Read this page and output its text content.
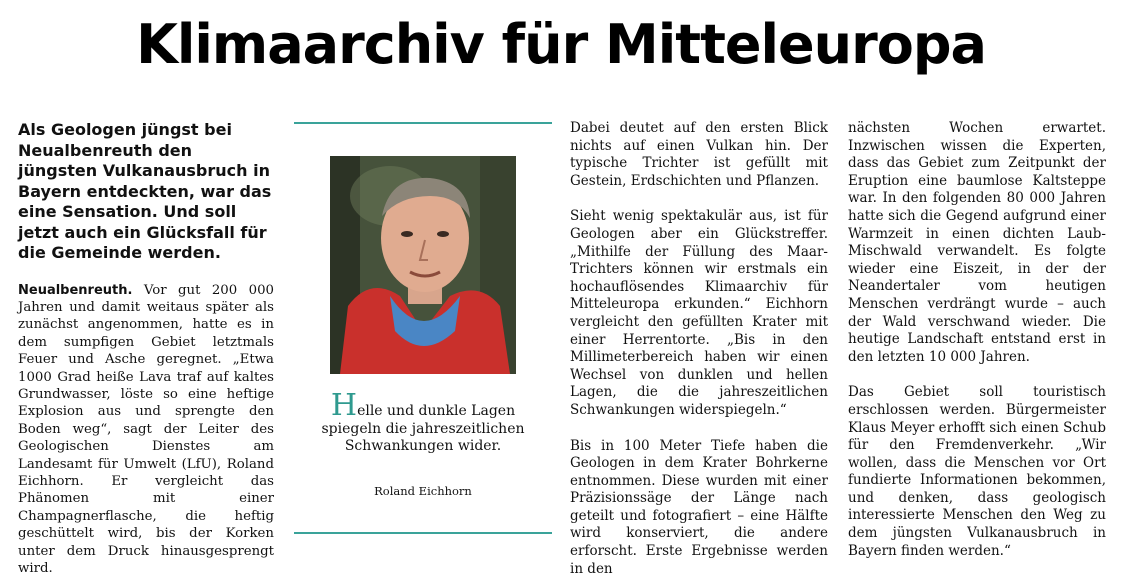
Klimaarchiv für Mitteleuropa

Als Geologen jüngst bei Neualbenreuth den jüngsten Vulkanausbruch in Bayern entdeckten, war das eine Sensation. Und soll jetzt auch ein Glücksfall für die Gemeinde werden.

Neualbenreuth. Vor gut 200 000 Jahren und damit weitaus später als zunächst angenommen, hatte es in dem sumpfigen Gebiet letztmals Feuer und Asche geregnet. „Etwa 1000 Grad heiße Lava traf auf kaltes Grundwasser, löste so eine heftige Explosion aus und sprengte den Boden weg“, sagt der Leiter des Geologischen Dienstes am Landesamt für Umwelt (LfU), Roland Eichhorn. Er vergleicht das Phänomen mit einer Champagnerflasche, die heftig geschüttelt wird, bis der Korken unter dem Druck hinausgesprengt wird.

Helle und dunkle Lagen spiegeln die jahreszeitlichen Schwankungen wider.
Roland Eichhorn

Dabei deutet auf den ersten Blick nichts auf einen Vulkan hin. Der typische Trichter ist gefüllt mit Gestein, Erdschichten und Pflanzen.

Sieht wenig spektakulär aus, ist für Geologen aber ein Glückstreffer. „Mithilfe der Füllung des Maar-Trichters können wir erstmals ein hochauflösendes Klimaarchiv für Mitteleuropa erkunden.“ Eichhorn vergleicht den gefüllten Krater mit einer Herrentorte. „Bis in den Millimeterbereich haben wir einen Wechsel von dunklen und hellen Lagen, die die jahreszeitlichen Schwankungen widerspiegeln.“

Bis in 100 Meter Tiefe haben die Geologen in dem Krater Bohrkerne entnommen. Diese wurden mit einer Präzisionssäge der Länge nach geteilt und fotografiert – eine Hälfte wird konserviert, die andere erforscht. Erste Ergebnisse werden in den

nächsten Wochen erwartet. Inzwischen wissen die Experten, dass das Gebiet zum Zeitpunkt der Eruption eine baumlose Kaltsteppe war. In den folgenden 80 000 Jahren hatte sich die Gegend aufgrund einer Warmzeit in einen dichten Laub-Mischwald verwandelt. Es folgte wieder eine Eiszeit, in der der Neandertaler vom heutigen Menschen verdrängt wurde – auch der Wald verschwand wieder. Die heutige Landschaft entstand erst in den letzten 10 000 Jahren.

Das Gebiet soll touristisch erschlossen werden. Bürgermeister Klaus Meyer erhofft sich einen Schub für den Fremdenverkehr. „Wir wollen, dass die Menschen vor Ort fundierte Informationen bekommen, und denken, dass geologisch interessierte Menschen den Weg zu dem jüngsten Vulkanausbruch in Bayern finden werden.“
